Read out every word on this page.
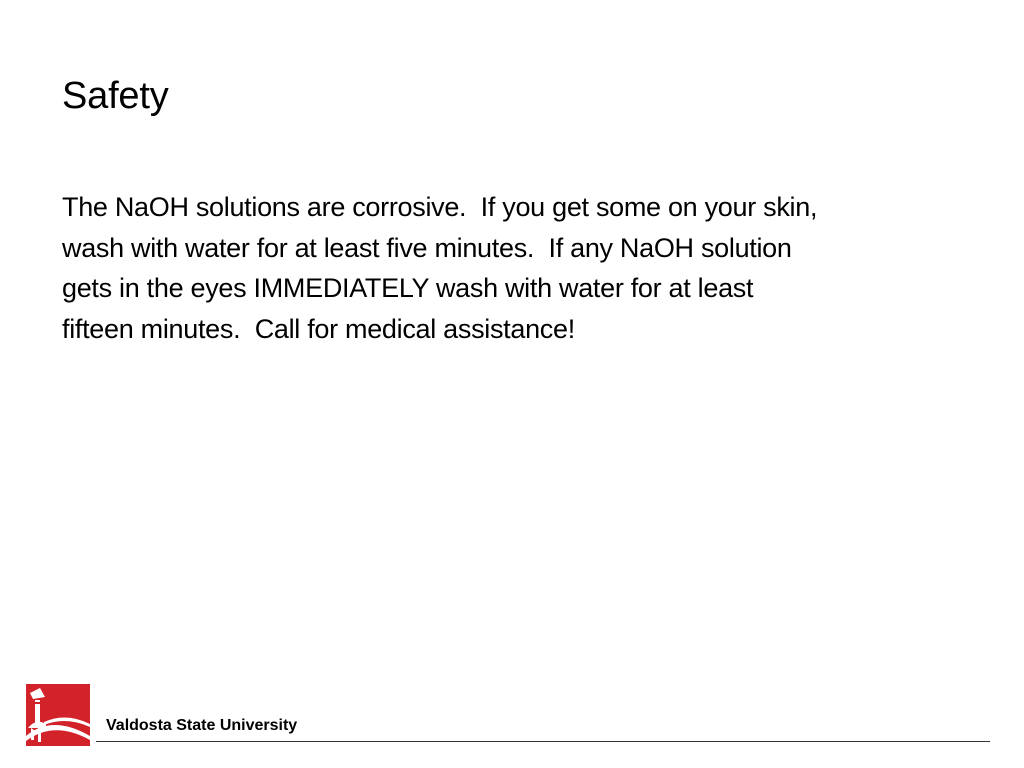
Safety

The NaOH solutions are corrosive.  If you get some on your skin,
wash with water for at least five minutes.  If any NaOH solution
gets in the eyes IMMEDIATELY wash with water for at least
fifteen minutes.  Call for medical assistance!

Valdosta State University
